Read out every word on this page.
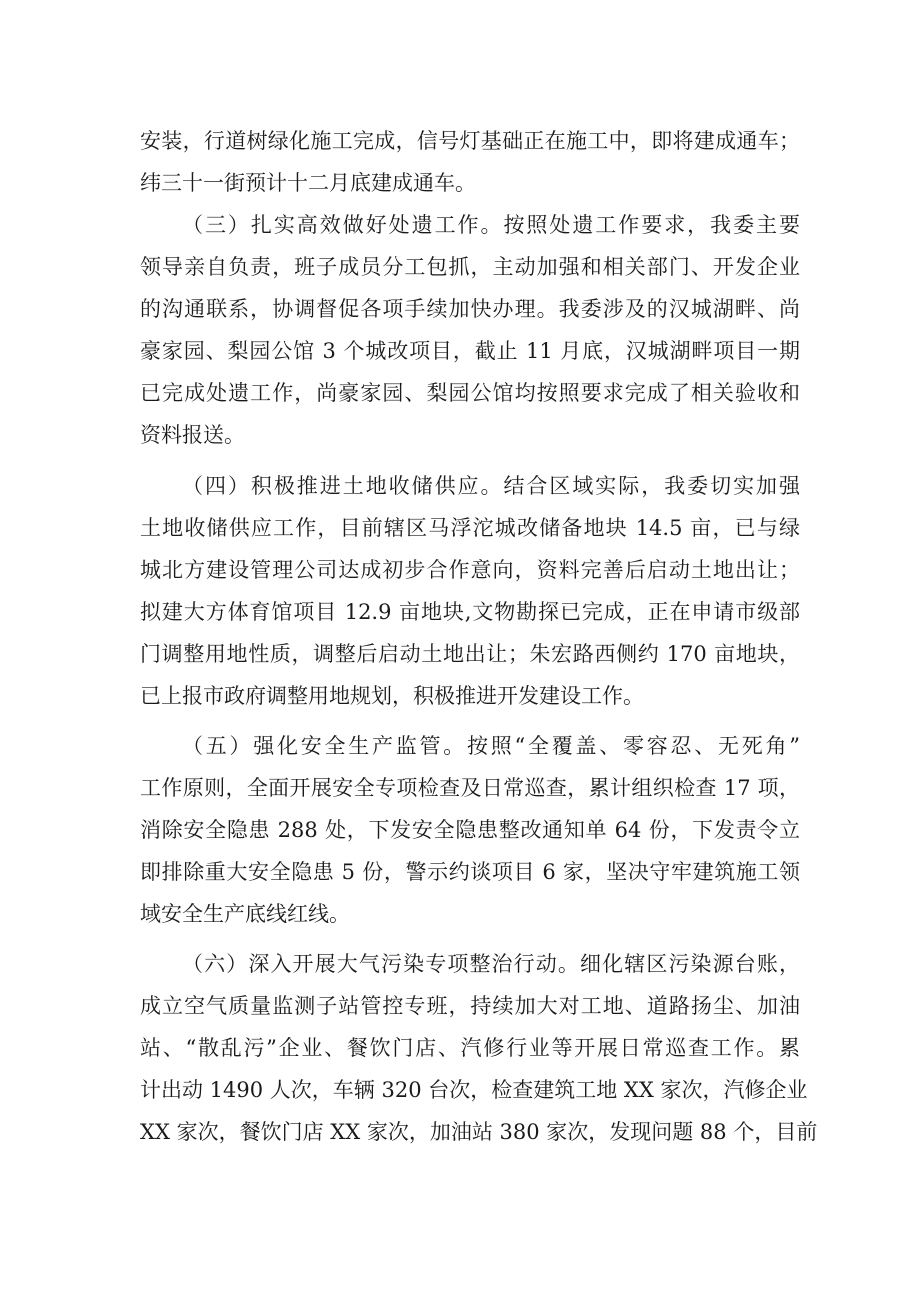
安装，行道树绿化施工完成，信号灯基础正在施工中，即将建成通车；
纬三十一街预计十二月底建成通车。
（三）扎实高效做好处遗工作。按照处遗工作要求，我委主要
领导亲自负责，班子成员分工包抓，主动加强和相关部门、开发企业
的沟通联系，协调督促各项手续加快办理。我委涉及的汉城湖畔、尚
豪家园、梨园公馆 3 个城改项目，截止 11 月底，汉城湖畔项目一期
已完成处遗工作，尚豪家园、梨园公馆均按照要求完成了相关验收和
资料报送。
（四）积极推进土地收储供应。结合区域实际，我委切实加强
土地收储供应工作，目前辖区马浮沱城改储备地块 14.5 亩，已与绿
城北方建设管理公司达成初步合作意向，资料完善后启动土地出让；
拟建大方体育馆项目 12.9 亩地块,文物勘探已完成，正在申请市级部
门调整用地性质，调整后启动土地出让；朱宏路西侧约 170 亩地块，
已上报市政府调整用地规划，积极推进开发建设工作。
（五）强化安全生产监管。按照“全覆盖、零容忍、无死角”
工作原则，全面开展安全专项检查及日常巡查，累计组织检查 17 项，
消除安全隐患 288 处，下发安全隐患整改通知单 64 份，下发责令立
即排除重大安全隐患 5 份，警示约谈项目 6 家，坚决守牢建筑施工领
域安全生产底线红线。
（六）深入开展大气污染专项整治行动。细化辖区污染源台账，
成立空气质量监测子站管控专班，持续加大对工地、道路扬尘、加油
站、“散乱污”企业、餐饮门店、汽修行业等开展日常巡查工作。累
计出动 1490 人次，车辆 320 台次，检查建筑工地 XX 家次，汽修企业
XX 家次，餐饮门店 XX 家次，加油站 380 家次，发现问题 88 个，目前
